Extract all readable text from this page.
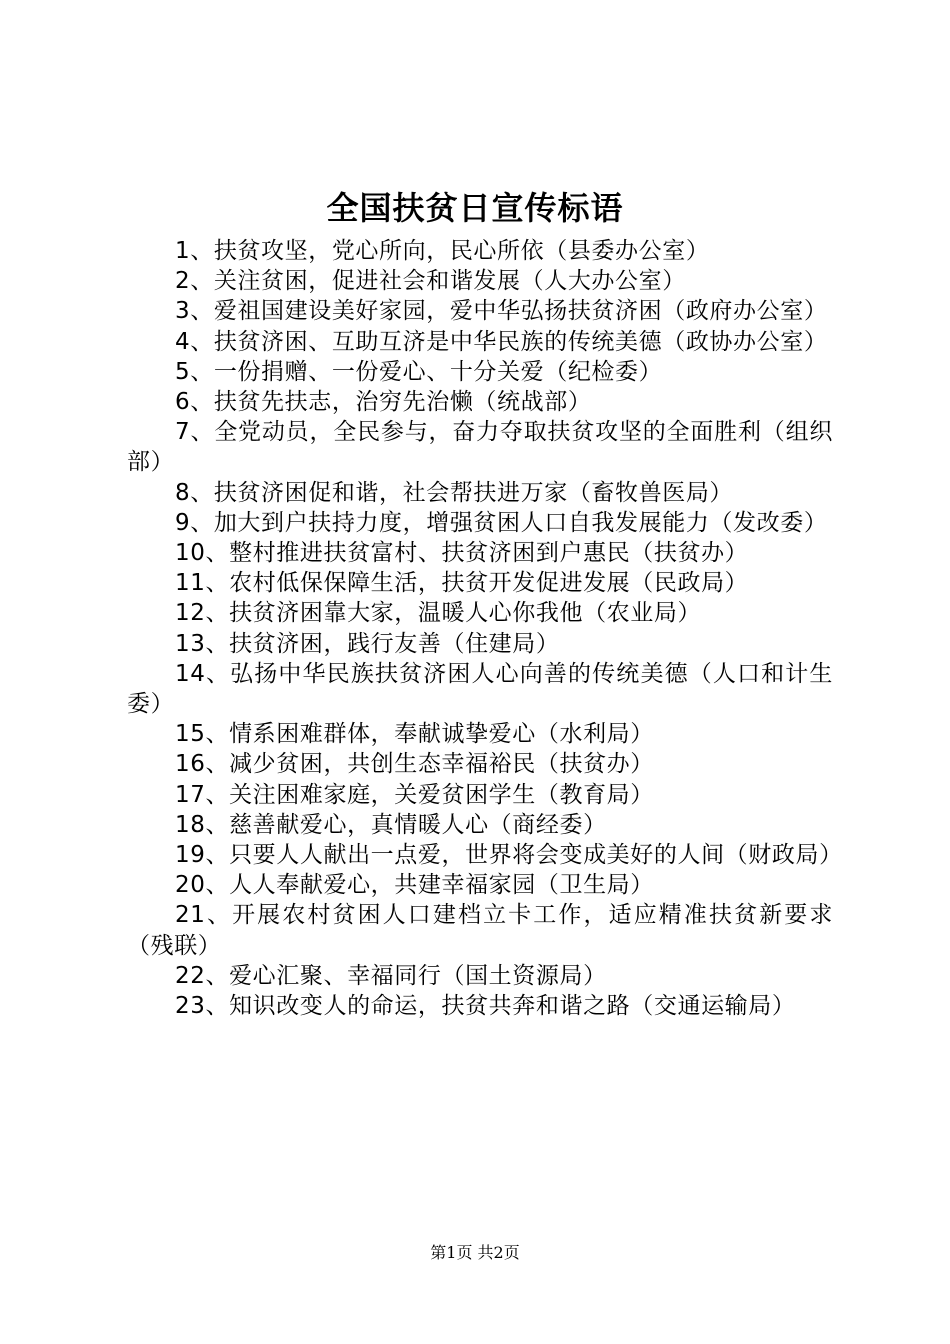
全国扶贫日宣传标语
1、扶贫攻坚，党心所向，民心所依（县委办公室）
2、关注贫困，促进社会和谐发展（人大办公室）
3、爱祖国建设美好家园，爱中华弘扬扶贫济困（政府办公室）
4、扶贫济困、互助互济是中华民族的传统美德（政协办公室）
5、一份捐赠、一份爱心、十分关爱（纪检委）
6、扶贫先扶志，治穷先治懒（统战部）
7、全党动员，全民参与，奋力夺取扶贫攻坚的全面胜利（组织部）
8、扶贫济困促和谐，社会帮扶进万家（畜牧兽医局）
9、加大到户扶持力度，增强贫困人口自我发展能力（发改委）
10、整村推进扶贫富村、扶贫济困到户惠民（扶贫办）
11、农村低保保障生活，扶贫开发促进发展（民政局）
12、扶贫济困靠大家，温暖人心你我他（农业局）
13、扶贫济困，践行友善（住建局）
14、弘扬中华民族扶贫济困人心向善的传统美德（人口和计生委）
15、情系困难群体，奉献诚挚爱心（水利局）
16、减少贫困，共创生态幸福裕民（扶贫办）
17、关注困难家庭，关爱贫困学生（教育局）
18、慈善献爱心，真情暖人心（商经委）
19、只要人人献出一点爱，世界将会变成美好的人间（财政局）
20、人人奉献爱心，共建幸福家园（卫生局）
21、开展农村贫困人口建档立卡工作，适应精准扶贫新要求（残联）
22、爱心汇聚、幸福同行（国土资源局）
23、知识改变人的命运，扶贫共奔和谐之路（交通运输局）
第1页 共2页
